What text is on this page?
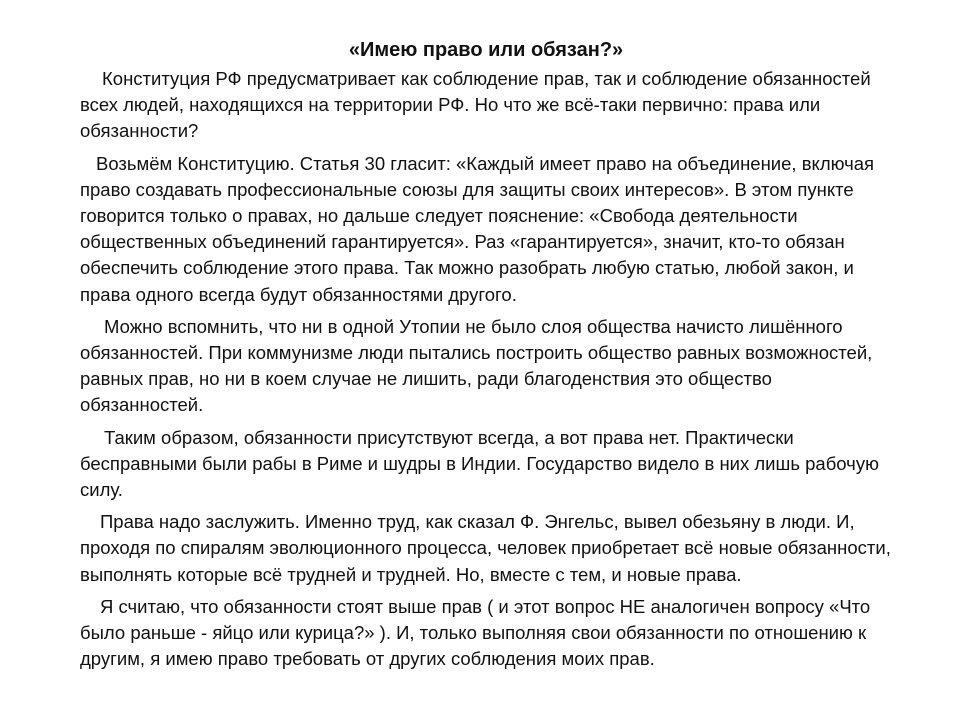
«Имею право или обязан?»

Конституция РФ предусматривает как соблюдение прав, так и соблюдение обязанностей всех людей, находящихся на территории РФ. Но что же всё-таки первично: права или обязанности?

Возьмём Конституцию. Статья 30 гласит: «Каждый имеет право на объединение, включая право создавать профессиональные союзы для защиты своих интересов». В этом пункте говорится только о правах, но дальше следует пояснение: «Свобода деятельности общественных объединений гарантируется». Раз «гарантируется», значит, кто-то обязан обеспечить соблюдение этого права. Так можно разобрать любую статью, любой закон, и права одного всегда будут обязанностями другого.

Можно вспомнить, что ни в одной Утопии не было слоя общества начисто лишённого обязанностей. При коммунизме люди пытались построить общество равных возможностей, равных прав, но ни в коем случае не лишить, ради благоденствия это общество обязанностей.

Таким образом, обязанности присутствуют всегда, а вот права нет. Практически бесправными были рабы в Риме и шудры в Индии. Государство видело в них лишь рабочую силу.

Права надо заслужить. Именно труд, как сказал Ф. Энгельс, вывел обезьяну в люди. И, проходя по спиралям эволюционного процесса, человек приобретает всё новые обязанности, выполнять которые всё трудней и трудней. Но, вместе с тем, и новые права.

Я считаю, что обязанности стоят выше прав ( и этот вопрос НЕ аналогичен вопросу «Что было раньше - яйцо или курица?» ). И, только выполняя свои обязанности по отношению к другим, я имею право требовать от других соблюдения моих прав.
